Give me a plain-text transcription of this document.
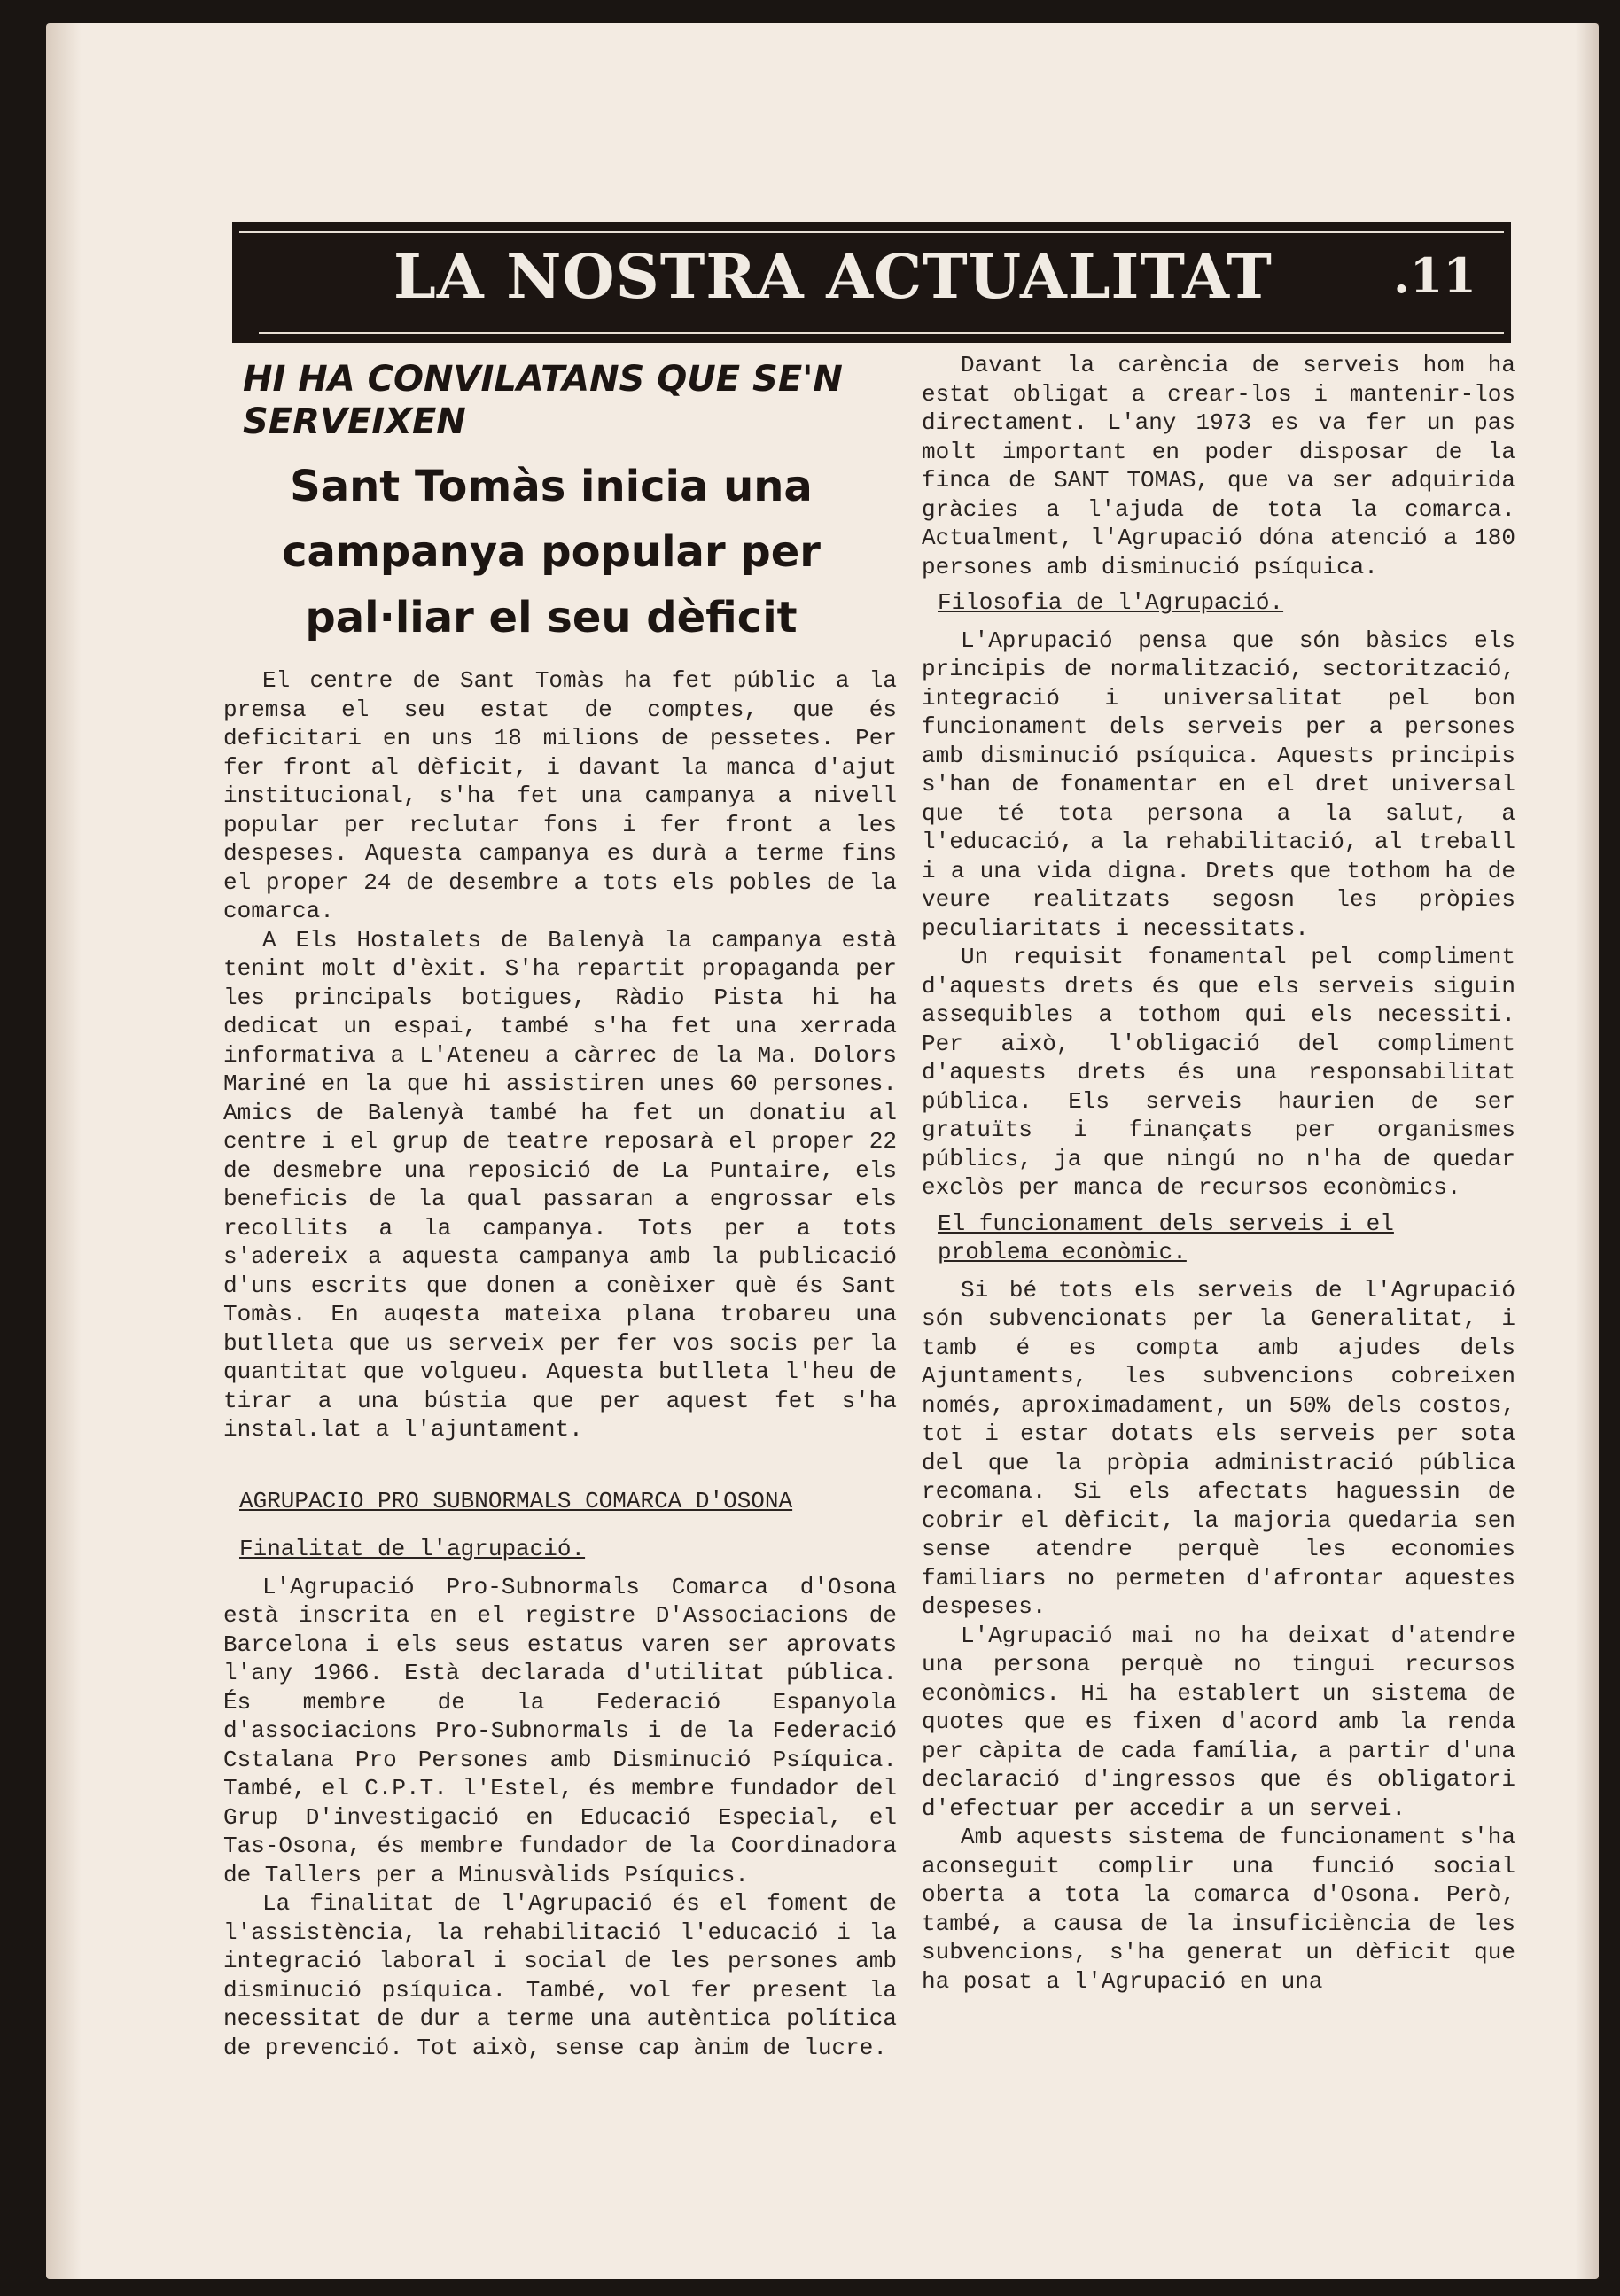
LA NOSTRA ACTUALITAT	.11
HI HA CONVILATANS QUE SE'N SERVEIXEN
Sant Tomàs inicia una campanya popular per pal·liar el seu dèficit

El centre de Sant Tomàs ha fet públic a la premsa el seu estat de comptes, que és deficitari en uns 18 milions de pessetes. Per fer front al dèficit, i davant la manca d'ajut institucional, s'ha fet una campanya a nivell popular per reclutar fons i fer front a les despeses. Aquesta campanya es durà a terme fins el proper 24 de desembre a tots els pobles de la comarca.

A Els Hostalets de Balenyà la campanya està tenint molt d'èxit. S'ha repartit propaganda per les principals botigues, Ràdio Pista hi ha dedicat un espai, també s'ha fet una xerrada informativa a L'Ateneu a càrrec de la Ma. Dolors Mariné en la que hi assistiren unes 60 persones. Amics de Balenyà també ha fet un donatiu al centre i el grup de teatre reposarà el proper 22 de desmebre una reposició de La Puntaire, els beneficis de la qual passaran a engrossar els recollits a la campanya. Tots per a tots s'adereix a aquesta campanya amb la publicació d'uns escrits que donen a conèixer què és Sant Tomàs. En auqesta mateixa plana trobareu una butlleta que us serveix per fer vos socis per la quantitat que volgueu. Aquesta butlleta l'heu de tirar a una bústia que per aquest fet s'ha instal.lat a l'ajuntament.

AGRUPACIO PRO SUBNORMALS COMARCA D'OSONA
Finalitat de l'agrupació.

L'Agrupació Pro-Subnormals Comarca d'Osona està inscrita en el registre D'Associacions de Barcelona i els seus estatus varen ser aprovats l'any 1966. Està declarada d'utilitat pública. És membre de la Federació Espanyola d'associacions Pro-Subnormals i de la Federació Cstalana Pro Persones amb Disminució Psíquica. També, el C.P.T. l'Estel, és membre fundador del Grup D'investigació en Educació Especial, el Tas-Osona, és membre fundador de la Coordinadora de Tallers per a Minusvàlids Psíquics.

La finalitat de l'Agrupació és el foment de l'assistència, la rehabilitació l'educació i la integració laboral i social de les persones amb disminució psíquica. També, vol fer present la necessitat de dur a terme una autèntica política de prevenció. Tot això, sense cap ànim de lucre.

Davant la carència de serveis hom ha estat obligat a crear-los i mantenir-los directament. L'any 1973 es va fer un pas molt important en poder disposar de la finca de SANT TOMAS, que va ser adquirida gràcies a l'ajuda de tota la comarca. Actualment, l'Agrupació dóna atenció a 180 persones amb disminució psíquica.

Filosofia de l'Agrupació.

L'Aprupació pensa que són bàsics els principis de normalització, sectorització, integració i universalitat pel bon funcionament dels serveis per a persones amb disminució psíquica. Aquests principis s'han de fonamentar en el dret universal que té tota persona a la salut, a l'educació, a la rehabilitació, al treball i a una vida digna. Drets que tothom ha de veure realitzats segosn les pròpies peculiaritats i necessitats.

Un requisit fonamental pel compliment d'aquests drets és que els serveis siguin assequibles a tothom qui els necessiti. Per això, l'obligació del compliment d'aquests drets és una responsabilitat pública. Els serveis haurien de ser gratuïts i finançats per organismes públics, ja que ningú no n'ha de quedar exclòs per manca de recursos econòmics.

El funcionament dels serveis i el problema econòmic.

Si bé tots els serveis de l'Agrupació són subvencionats per la Generalitat, i tamb é es compta amb ajudes dels Ajuntaments, les subvencions cobreixen només, aproximadament, un 50% dels costos, tot i estar dotats els serveis per sota del que la pròpia administració pública recomana. Si els afectats haguessin de cobrir el dèficit, la majoria quedaria sen sense atendre perquè les economies familiars no permeten d'afrontar aquestes despeses.

L'Agrupació mai no ha deixat d'atendre una persona perquè no tingui recursos econòmics. Hi ha establert un sistema de quotes que es fixen d'acord amb la renda per càpita de cada família, a partir d'una declaració d'ingressos que és obligatori d'efectuar per accedir a un servei.

Amb aquests sistema de funcionament s'ha aconseguit complir una funció social oberta a tota la comarca d'Osona. Però, també, a causa de la insuficiència de les subvencions, s'ha generat un dèficit que ha posat a l'Agrupació en una
